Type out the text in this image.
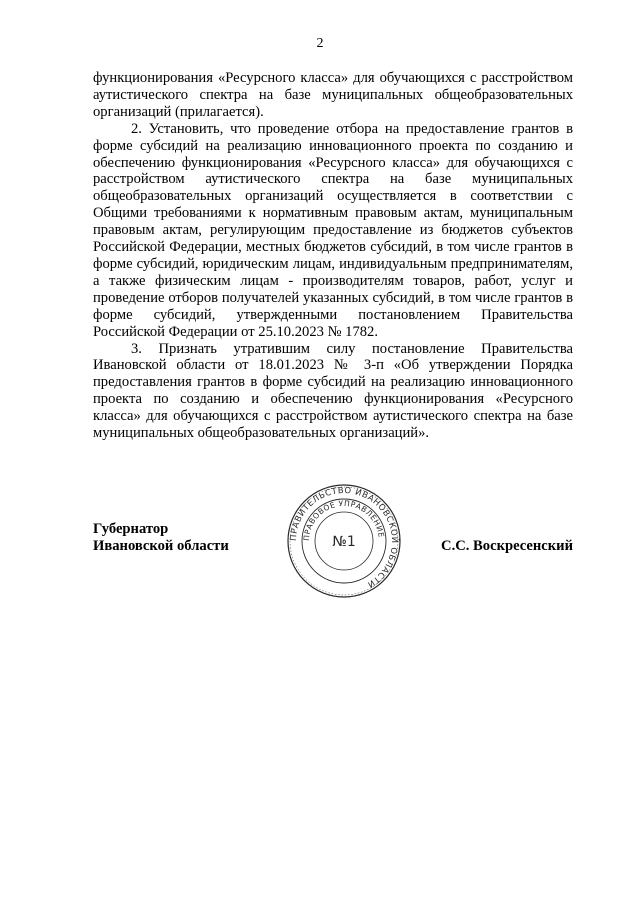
2

функционирования «Ресурсного класса» для обучающихся с расстройством аутистического спектра на базе муниципальных общеобразовательных организаций (прилагается).

2. Установить, что проведение отбора на предоставление грантов в форме субсидий на реализацию инновационного проекта по созданию и обеспечению функционирования «Ресурсного класса» для обучающихся с расстройством аутистического спектра на базе муниципальных общеобразовательных организаций осуществляется в соответствии с Общими требованиями к нормативным правовым актам, муниципальным правовым актам, регулирующим предоставление из бюджетов субъектов Российской Федерации, местных бюджетов субсидий, в том числе грантов в форме субсидий, юридическим лицам, индивидуальным предпринимателям, а также физическим лицам - производителям товаров, работ, услуг и проведение отборов получателей указанных субсидий, в том числе грантов в форме субсидий, утвержденными постановлением Правительства Российской Федерации от 25.10.2023 № 1782.

3. Признать утратившим силу постановление Правительства Ивановской области от 18.01.2023 № 3-п «Об утверждении Порядка предоставления грантов в форме субсидий на реализацию инновационного проекта по созданию и обеспечению функционирования «Ресурсного класса» для обучающихся с расстройством аутистического спектра на базе муниципальных общеобразовательных организаций».

Губернатор
Ивановской области	С.С. Воскресенский
ПРАВИТЕЛЬСТВО ИВАНОВСКОЙ ОБЛАСТИ
ПРАВОВОЕ УПРАВЛЕНИЕ
№1
